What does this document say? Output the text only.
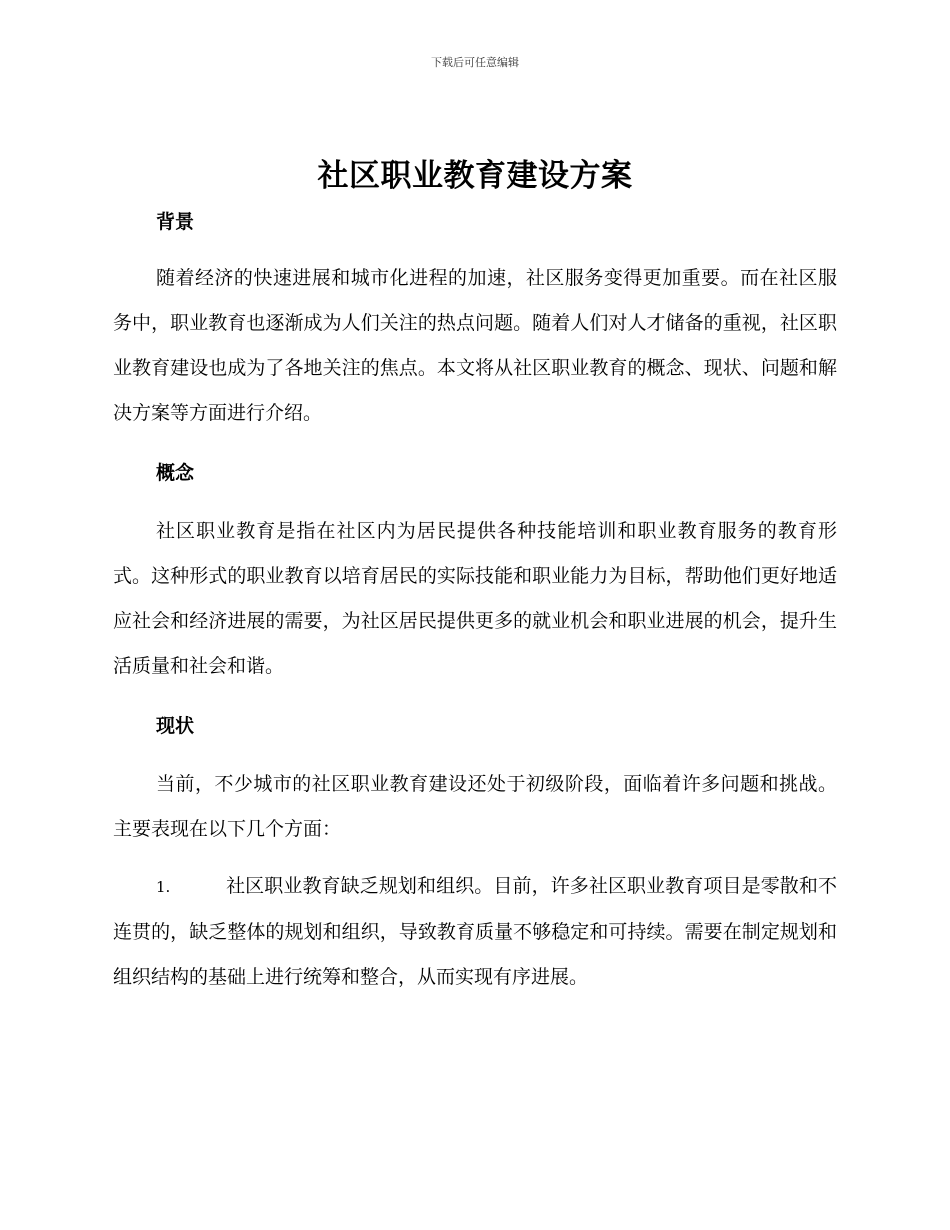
下载后可任意编辑
社区职业教育建设方案
背景

随着经济的快速进展和城市化进程的加速，社区服务变得更加重要。而在社区服务中，职业教育也逐渐成为人们关注的热点问题。随着人们对人才储备的重视，社区职业教育建设也成为了各地关注的焦点。本文将从社区职业教育的概念、现状、问题和解决方案等方面进行介绍。

概念

社区职业教育是指在社区内为居民提供各种技能培训和职业教育服务的教育形式。这种形式的职业教育以培育居民的实际技能和职业能力为目标，帮助他们更好地适应社会和经济进展的需要，为社区居民提供更多的就业机会和职业进展的机会，提升生活质量和社会和谐。

现状

当前，不少城市的社区职业教育建设还处于初级阶段，面临着许多问题和挑战。主要表现在以下几个方面：

1.	社区职业教育缺乏规划和组织。目前，许多社区职业教育项目是零散和不连贯的，缺乏整体的规划和组织，导致教育质量不够稳定和可持续。需要在制定规划和组织结构的基础上进行统筹和整合，从而实现有序进展。
